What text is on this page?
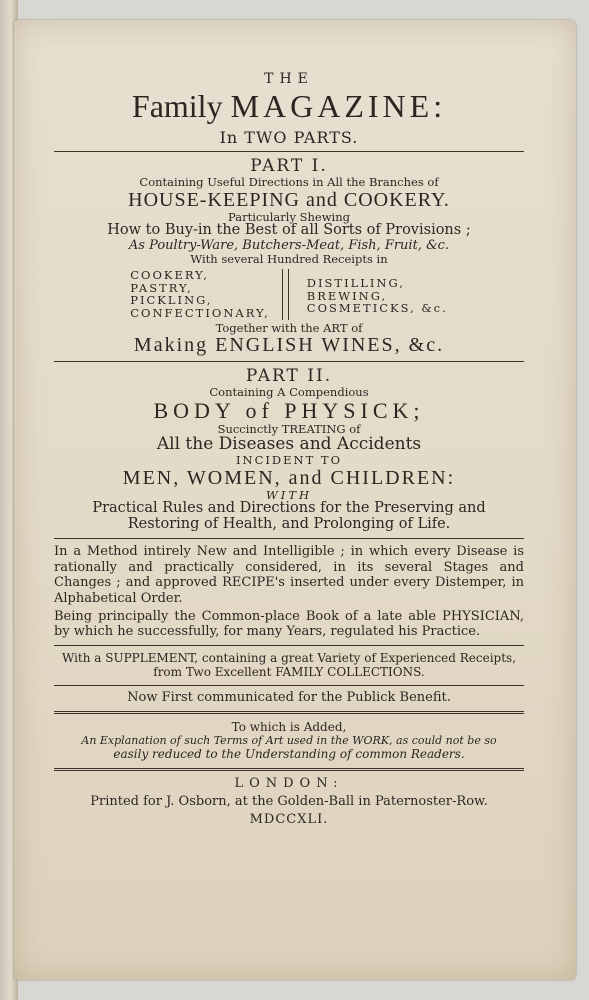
THE
Family MAGAZINE:
In TWO PARTS.
PART I.
Containing Useful Directions in All the Branches of
HOUSE-KEEPING and COOKERY.
Particularly Shewing
How to Buy-in the Best of all Sorts of Provisions ;
As Poultry-Ware, Butchers-Meat, Fish, Fruit, &c.
With several Hundred Receipts in
COOKERY,
PASTRY,
PICKLING,
CONFECTIONARY,
DISTILLING,
BREWING,
COSMETICKS, &c.
Together with the ART of
Making ENGLISH WINES, &c.
PART II.
Containing A Compendious
BODY of PHYSICK;
Succinctly TREATING of
All the Diseases and Accidents
INCIDENT TO
MEN, WOMEN, and CHILDREN:
WITH
Practical Rules and Directions for the Preserving and
Restoring of Health, and Prolonging of Life.
In a Method intirely New and Intelligible ; in which every Disease is rationally and practically considered, in its several Stages and Changes ; and approved RECIPE's inserted under every Distemper, in Alphabetical Order.
Being principally the Common-place Book of a late able PHYSICIAN, by which he successfully, for many Years, regulated his Practice.
With a SUPPLEMENT, containing a great Variety of Experienced Receipts,
from Two Excellent FAMILY COLLECTIONS.
Now First communicated for the Publick Benefit.
To which is Added,
An Explanation of such Terms of Art used in the WORK, as could not be so
easily reduced to the Understanding of common Readers.
LONDON:
Printed for J. Osborn, at the Golden-Ball in Paternoster-Row.
MDCCXLI.
